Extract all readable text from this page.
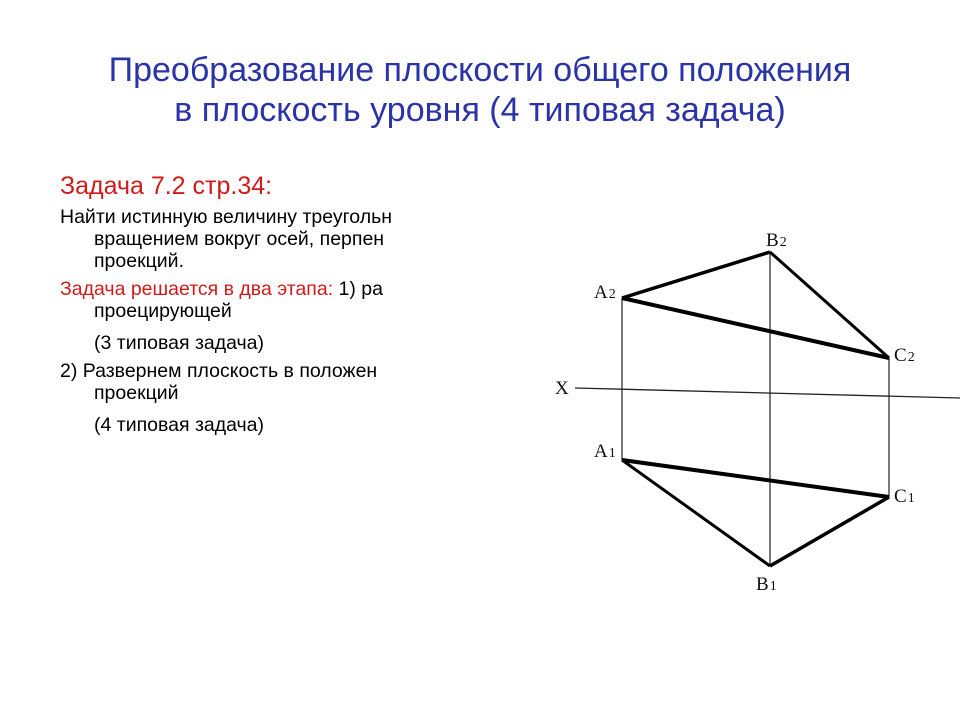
Преобразование плоскости общего положения
в плоскость уровня (4 типовая задача)
Задача 7.2 стр.34:
Найти истинную величину треугольн
вращением вокруг осей, перпен
проекций.
Задача решается в два этапа: 1) ра
проецирующей
(3 типовая задача)
2) Развернем плоскость в положен
проекций
(4 типовая задача)
X
B2
A2
C2
A1
C1
B1
